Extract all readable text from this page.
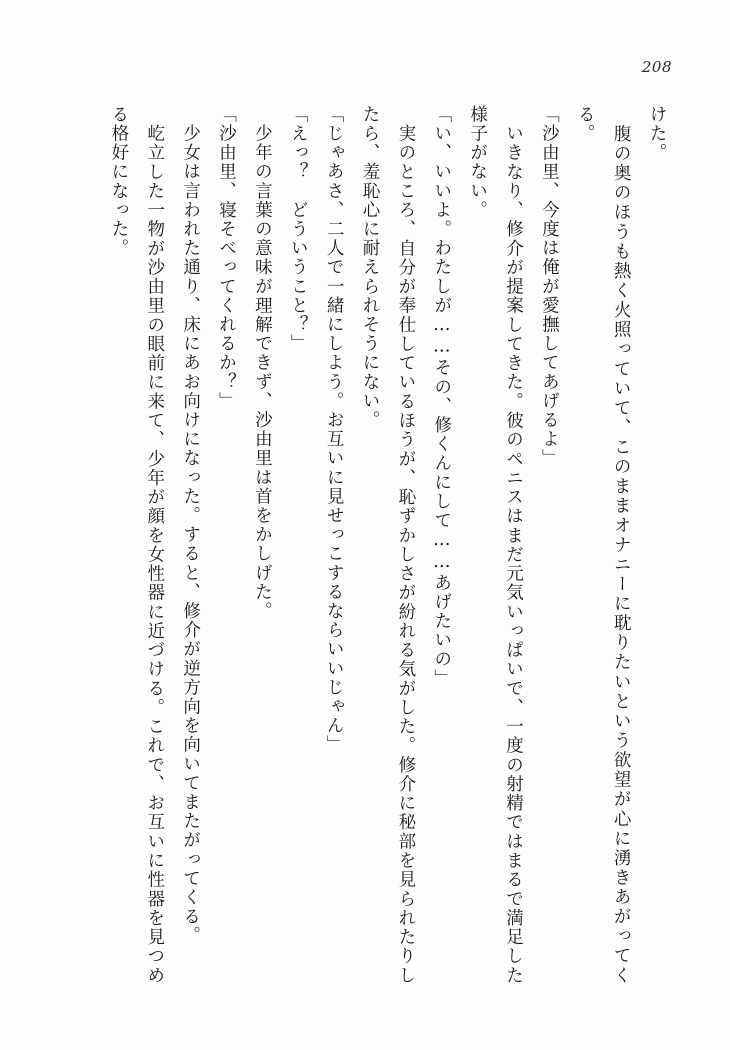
208

けた。

　腹の奥のほうも熱く火照っていて、このままオナニーに耽りたいという欲望が心に湧きあがってくる。

「沙由里、今度は俺が愛撫してあげるよ」

　いきなり、修介が提案してきた。彼のペニスはまだ元気いっぱいで、一度の射精ではまるで満足した様子がない。

「い、いいよ。わたしが……その、修くんにして……あげたいの」

　実のところ、自分が奉仕しているほうが、恥ずかしさが紛れる気がした。修介に秘部を見られたりしたら、羞恥心に耐えられそうにない。

「じゃあさ、二人で一緒にしよう。お互いに見せっこするならいいじゃん」

「えっ？　どういうこと？」

　少年の言葉の意味が理解できず、沙由里は首をかしげた。

「沙由里、寝そべってくれるか？」

　少女は言われた通り、床にあお向けになった。すると、修介が逆方向を向いてまたがってくる。

　屹立した一物が沙由里の眼前に来て、少年が顔を女性器に近づける。これで、お互いに性器を見つめる格好になった。
